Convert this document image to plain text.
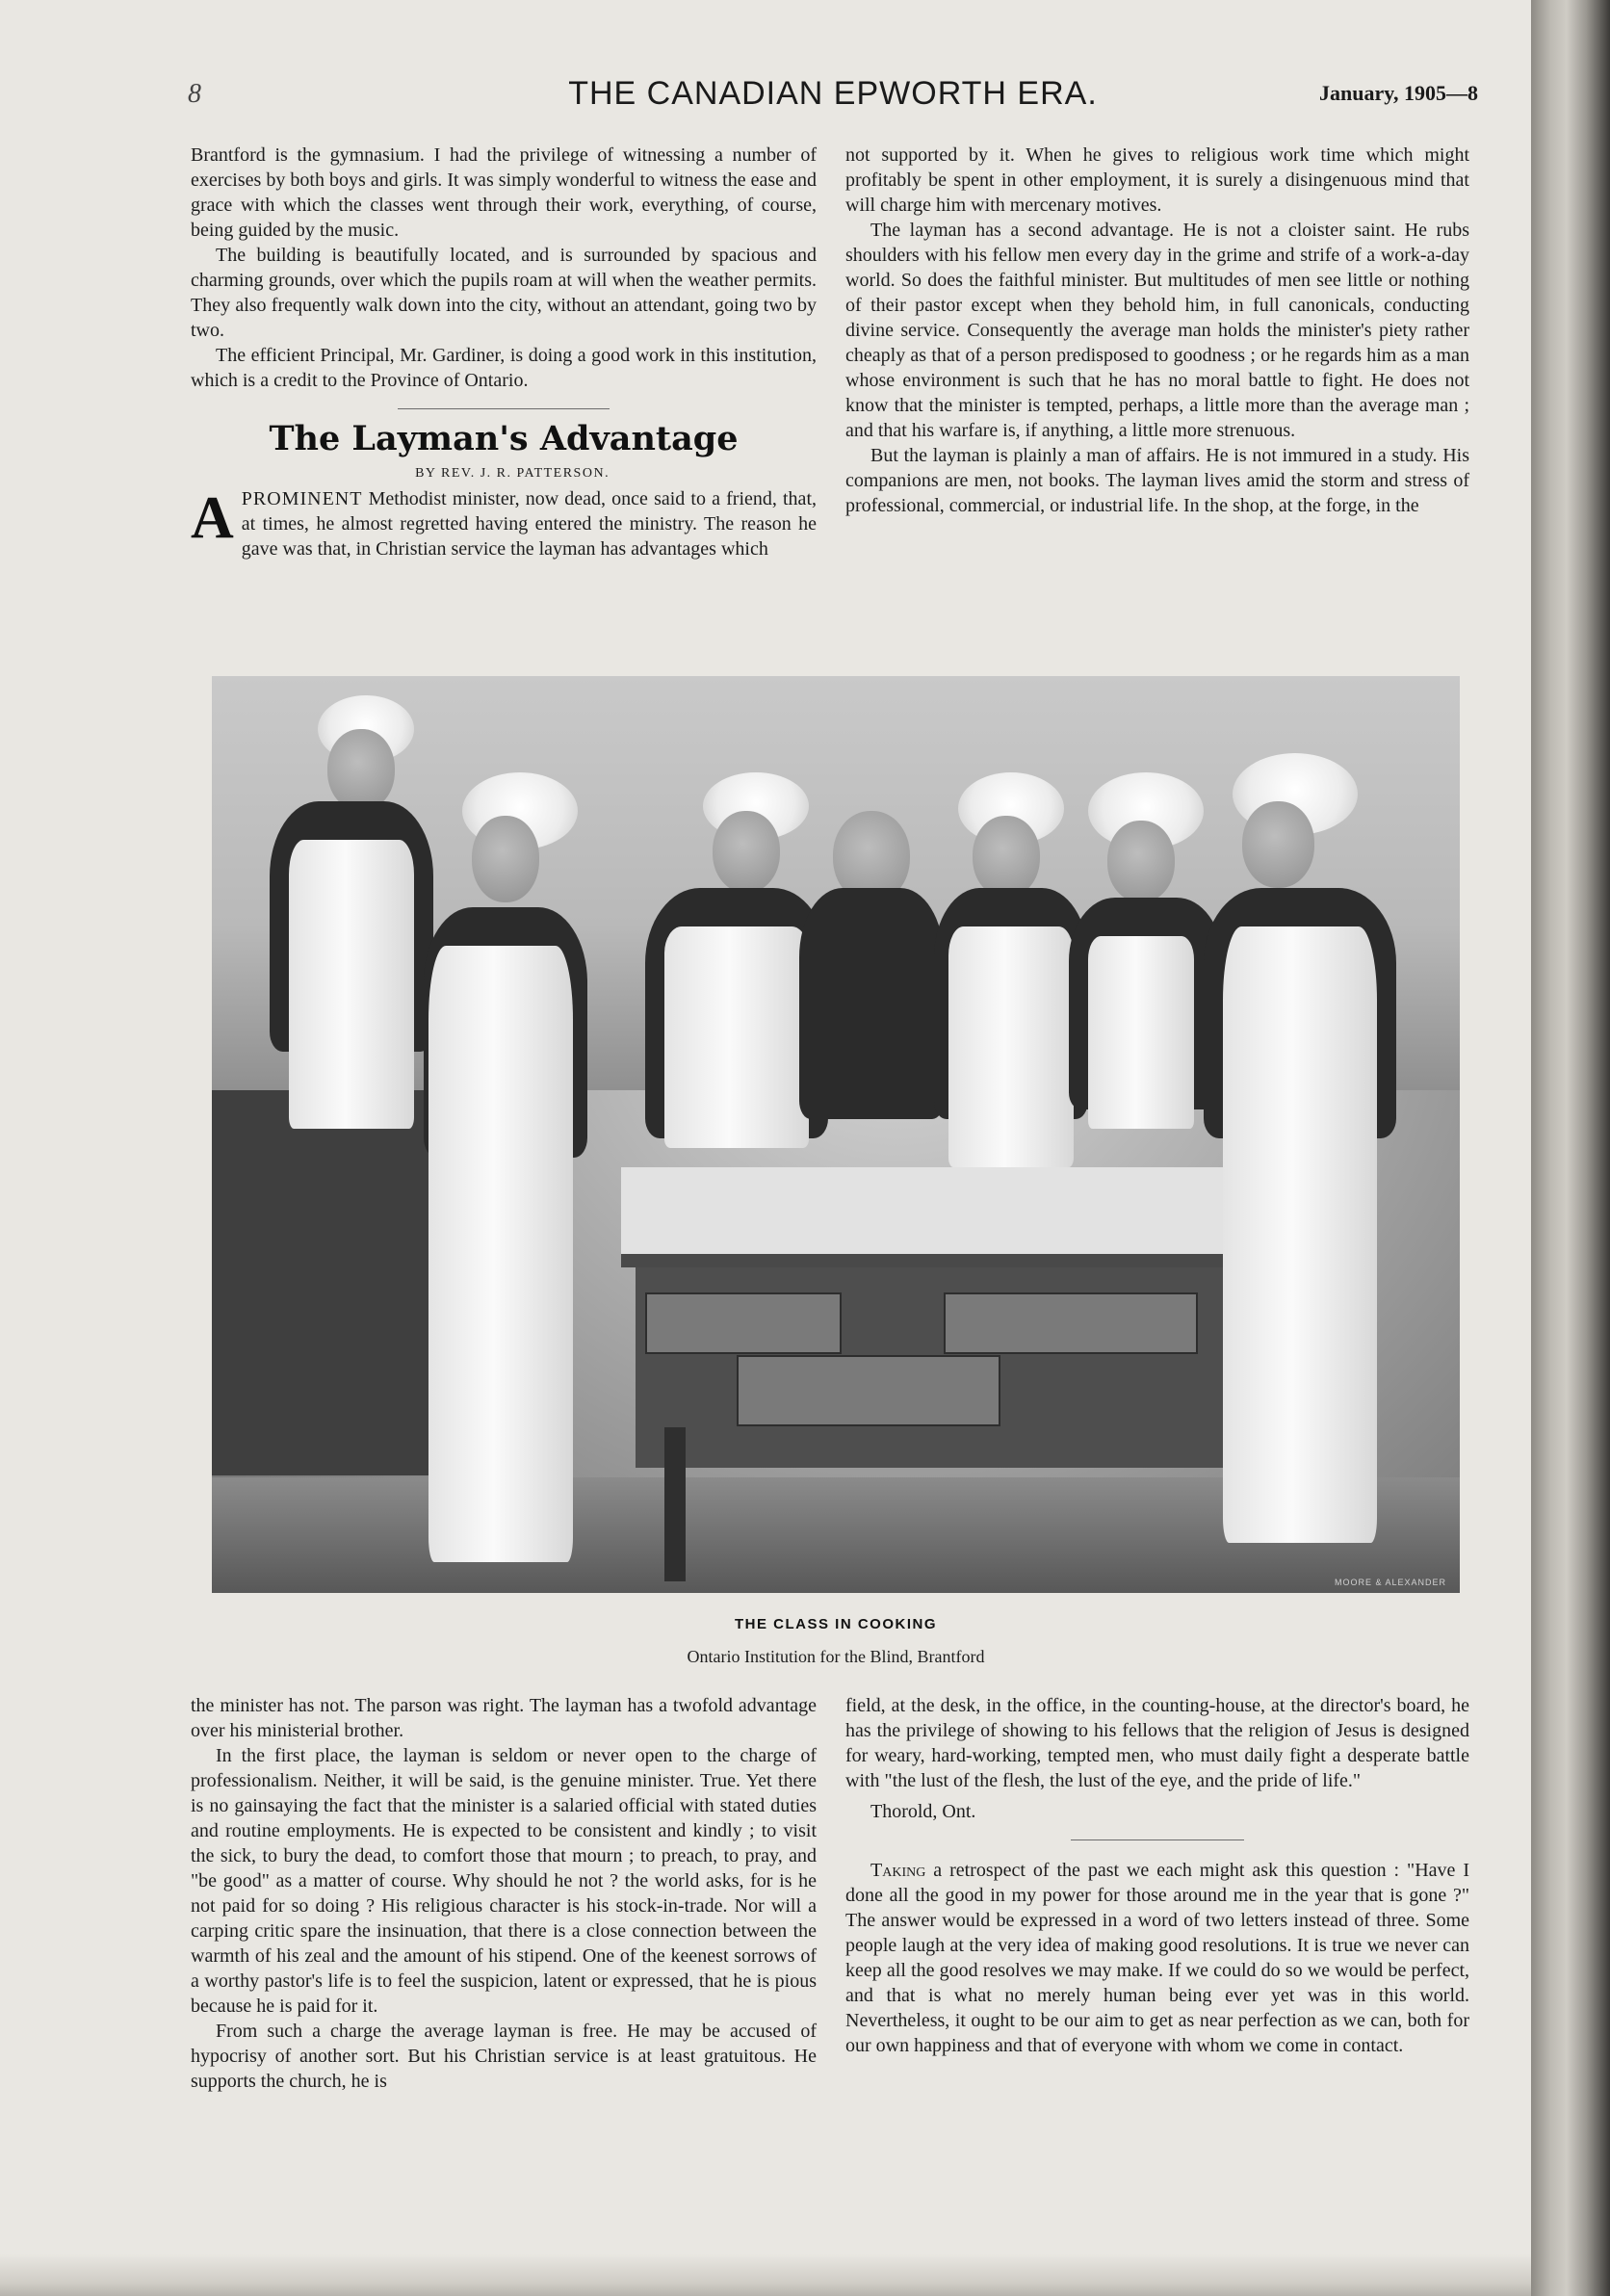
8	THE CANADIAN EPWORTH ERA.	January, 1905—8

Brantford is the gymnasium. I had the privilege of witnessing a number of exercises by both boys and girls. It was simply wonderful to witness the ease and grace with which the classes went through their work, everything, of course, being guided by the music.

The building is beautifully located, and is surrounded by spacious and charming grounds, over which the pupils roam at will when the weather permits. They also frequently walk down into the city, without an attendant, going two by two.

The efficient Principal, Mr. Gardiner, is doing a good work in this institution, which is a credit to the Province of Ontario.

The Layman's Advantage

BY REV. J. R. PATTERSON.

APROMINENT Methodist minister, now dead, once said to a friend, that, at times, he almost regretted having entered the ministry. The reason he gave was that, in Christian service the layman has advantages which

not supported by it. When he gives to religious work time which might profitably be spent in other employment, it is surely a disingenuous mind that will charge him with mercenary motives.

The layman has a second advantage. He is not a cloister saint. He rubs shoulders with his fellow men every day in the grime and strife of a work-a-day world. So does the faithful minister. But multitudes of men see little or nothing of their pastor except when they behold him, in full canonicals, conducting divine service. Consequently the average man holds the minister's piety rather cheaply as that of a person predisposed to goodness ; or he regards him as a man whose environment is such that he has no moral battle to fight. He does not know that the minister is tempted, perhaps, a little more than the average man ; and that his warfare is, if anything, a little more strenuous.

But the layman is plainly a man of affairs. He is not immured in a study. His companions are men, not books. The layman lives amid the storm and stress of professional, commercial, or industrial life. In the shop, at the forge, in the

MOORE & ALEXANDER
THE CLASS IN COOKING
Ontario Institution for the Blind, Brantford

the minister has not. The parson was right. The layman has a twofold advantage over his ministerial brother.

In the first place, the layman is seldom or never open to the charge of professionalism. Neither, it will be said, is the genuine minister. True. Yet there is no gainsaying the fact that the minister is a salaried official with stated duties and routine employments. He is expected to be consistent and kindly ; to visit the sick, to bury the dead, to comfort those that mourn ; to preach, to pray, and "be good" as a matter of course. Why should he not ? the world asks, for is he not paid for so doing ? His religious character is his stock-in-trade. Nor will a carping critic spare the insinuation, that there is a close connection between the warmth of his zeal and the amount of his stipend. One of the keenest sorrows of a worthy pastor's life is to feel the suspicion, latent or expressed, that he is pious because he is paid for it.

From such a charge the average layman is free. He may be accused of hypocrisy of another sort. But his Christian service is at least gratuitous. He supports the church, he is

field, at the desk, in the office, in the counting-house, at the director's board, he has the privilege of showing to his fellows that the religion of Jesus is designed for weary, hard-working, tempted men, who must daily fight a desperate battle with "the lust of the flesh, the lust of the eye, and the pride of life."

Thorold, Ont.

Taking a retrospect of the past we each might ask this question : "Have I done all the good in my power for those around me in the year that is gone ?" The answer would be expressed in a word of two letters instead of three. Some people laugh at the very idea of making good resolutions. It is true we never can keep all the good resolves we may make. If we could do so we would be perfect, and that is what no merely human being ever yet was in this world. Nevertheless, it ought to be our aim to get as near perfection as we can, both for our own happiness and that of everyone with whom we come in contact.
